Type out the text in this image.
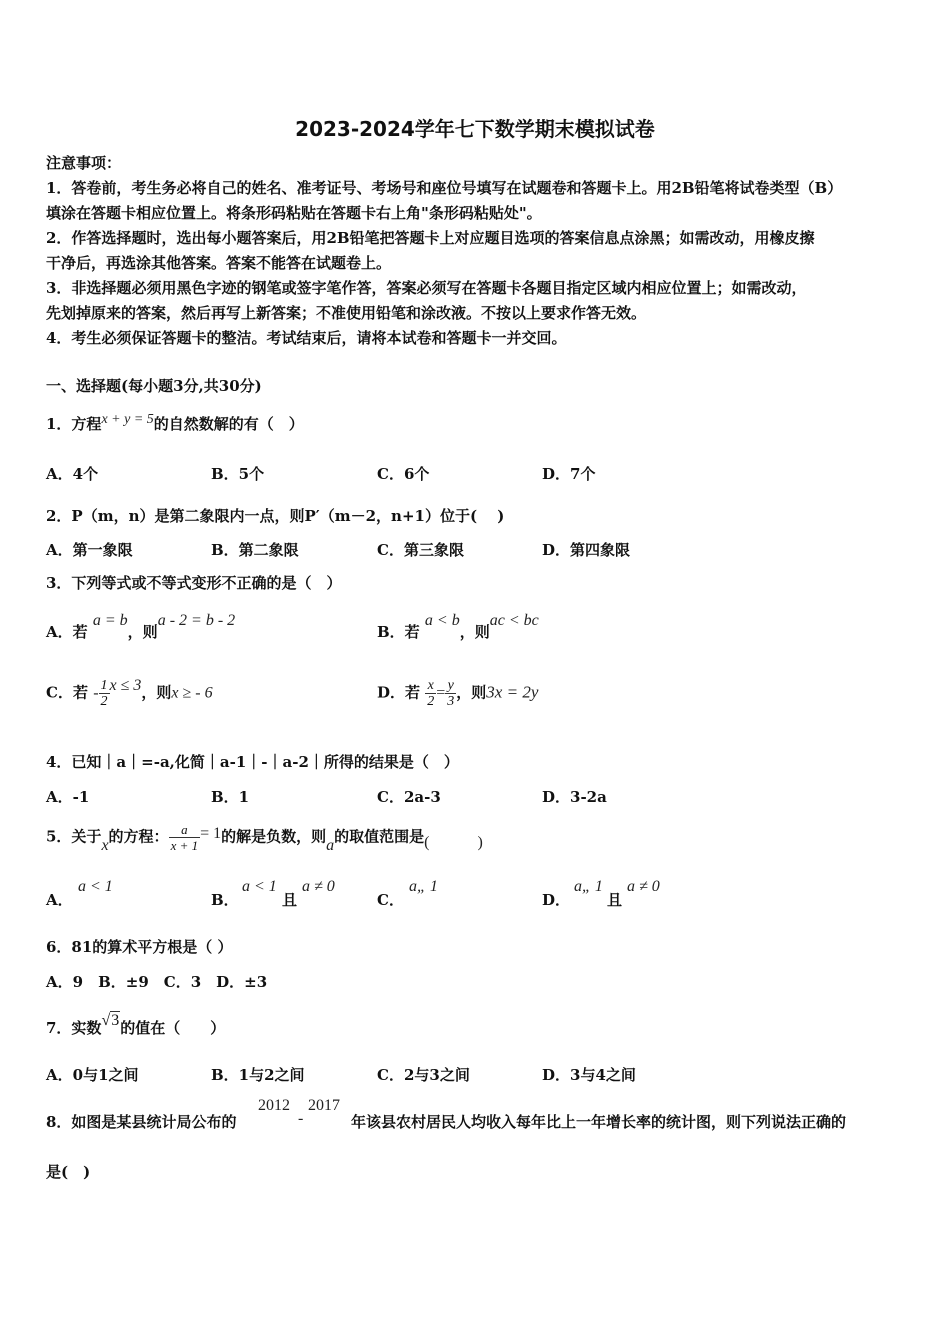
2023-2024学年七下数学期末模拟试卷
注意事项：
1．答卷前，考生务必将自己的姓名、准考证号、考场号和座位号填写在试题卷和答题卡上。用2B铅笔将试卷类型（B）
填涂在答题卡相应位置上。将条形码粘贴在答题卡右上角"条形码粘贴处"。
2．作答选择题时，选出每小题答案后，用2B铅笔把答题卡上对应题目选项的答案信息点涂黑；如需改动，用橡皮擦
干净后，再选涂其他答案。答案不能答在试题卷上。
3．非选择题必须用黑色字迹的钢笔或签字笔作答，答案必须写在答题卡各题目指定区域内相应位置上；如需改动，
先划掉原来的答案，然后再写上新答案；不准使用铅笔和涂改液。不按以上要求作答无效。
4．考生必须保证答题卡的整洁。考试结束后，请将本试卷和答题卡一并交回。
一、选择题(每小题3分,共30分)
1．方程x + y = 5的自然数解的有（　）
A．4个	B．5个	C．6个	D．7个
2．P（m，n）是第二象限内一点，则P′（m－2，n+1）位于(　 )
A．第一象限	B．第二象限	C．第三象限	D．第四象限
3．下列等式或不等式变形不正确的是（　）
A．若 a = b，则a - 2 = b - 2
B．若 a < b，则ac < bc
C．若 - $\frac{1}{2}$ x ≤ 3，则x ≥ - 6	D．若 $\frac{x}{2} = \frac{y}{3}$ ，则3x = 2y
4．已知｜a｜=-a,化简｜a-1｜-｜a-2｜所得的结果是（　）
A．-1	B．1	C．2a-3	D．3-2a
5．关于x的方程： $\frac{a}{x + 1} = 1$的解是负数，则a的取值范围是(　　　)
A．
a < 1
B．
a < 1
且
a ≠ 0
C．
a„ 1
D．
a„ 1
且
a ≠ 0
6．81的算术平方根是（ ）
A．9　B．±9　C．3　D．±3
7．实数√3的值在（　　）
A．0与1之间	B．1与2之间	C．2与3之间	D．3与4之间
8．如图是某县统计局公布的
2012
-
2017
年该县农村居民人均收入每年比上一年增长率的统计图，则下列说法正确的
是(　)
